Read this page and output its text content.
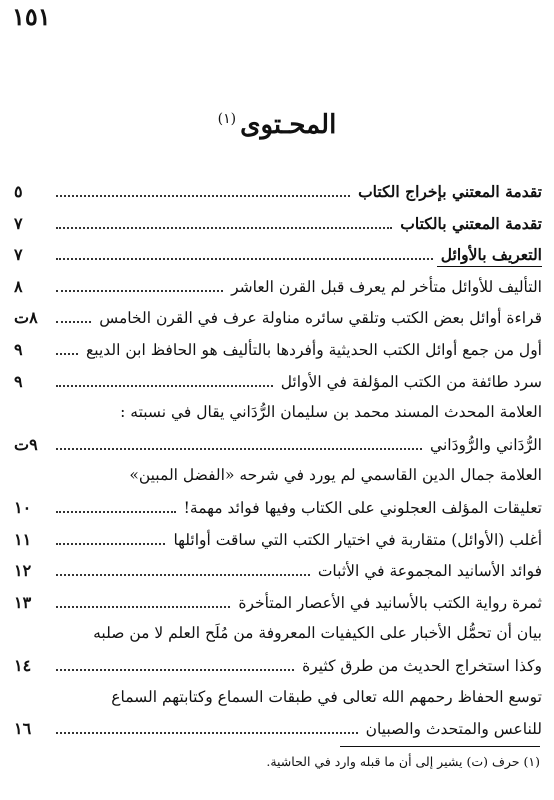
١٥١
المحـتوى$^{(١)}$
تقدمة المعتني بإخراج الكتاب
٥
تقدمة المعتني بالكتاب
٧
التعريف بالأوائل
٧
التأليف للأوائل متأخر لم يعرف قبل القرن العاشر
٨
قراءة أوائل بعض الكتب وتلقي سائره مناولة عرف في القرن الخامس
٨ت
أول من جمع أوائل الكتب الحديثية وأفردها بالتأليف هو الحافظ ابن الديبع
٩
سرد طائفة من الكتب المؤلفة في الأوائل
٩
العلامة المحدث المسند محمد بن سليمان الرُّدَاني يقال في نسبته :
الرُّدَاني والرُّودَاني
٩ت
العلامة جمال الدين القاسمي لم يورد في شرحه «الفضل المبين»
تعليقات المؤلف العجلوني على الكتاب وفيها فوائد مهمة!
١٠
أغلب (الأوائل) متقاربة في اختيار الكتب التي ساقت أوائلها
١١
فوائد الأسانيد المجموعة في الأثبات
١٢
ثمرة رواية الكتب بالأسانيد في الأعصار المتأخرة
١٣
بيان أن تحمُّل الأخبار على الكيفيات المعروفة من مُلَح العلم لا من صلبه
وكذا استخراج الحديث من طرق كثيرة
١٤
توسع الحفاظ رحمهم الله تعالى في طبقات السماع وكتابتهم السماع
للناعس والمتحدث والصبيان
١٦
(١) حرف (ت) يشير إلى أن ما قبله وارد في الحاشية.
